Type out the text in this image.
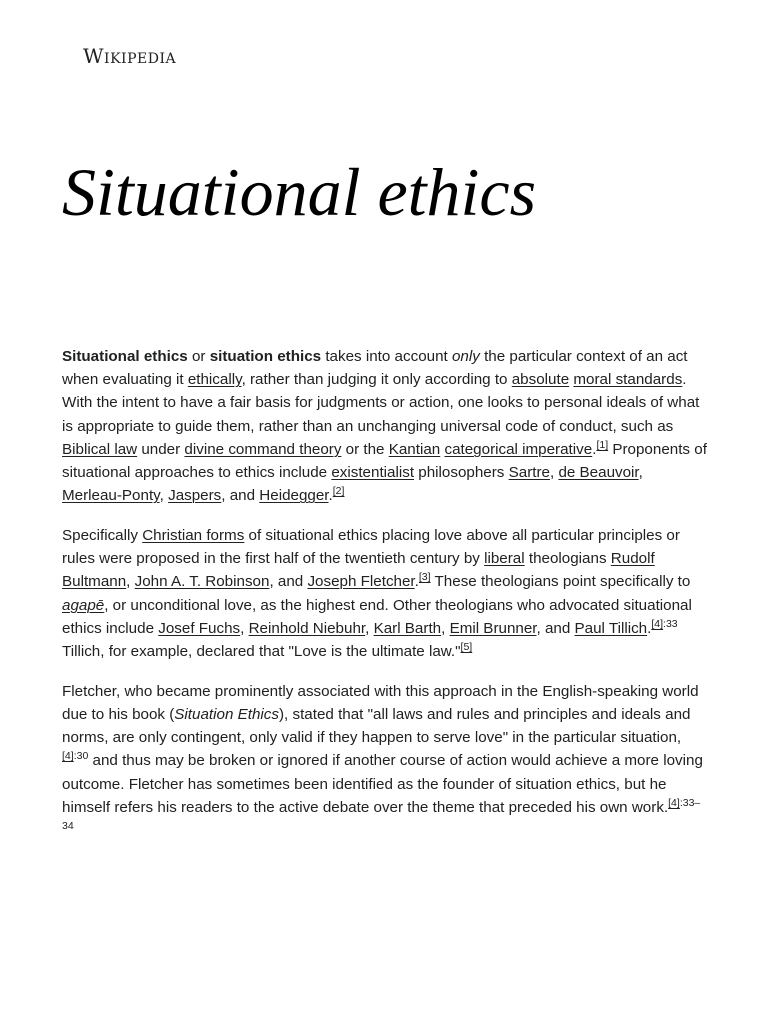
Wikipedia
Situational ethics

Situational ethics or situation ethics takes into account only the particular context of an act when evaluating it ethically, rather than judging it only according to absolute moral standards. With the intent to have a fair basis for judgments or action, one looks to personal ideals of what is appropriate to guide them, rather than an unchanging universal code of conduct, such as Biblical law under divine command theory or the Kantian categorical imperative.[1] Proponents of situational approaches to ethics include existentialist philosophers Sartre, de Beauvoir, Merleau-Ponty, Jaspers, and Heidegger.[2]

Specifically Christian forms of situational ethics placing love above all particular principles or rules were proposed in the first half of the twentieth century by liberal theologians Rudolf Bultmann, John A. T. Robinson, and Joseph Fletcher.[3] These theologians point specifically to agapē, or unconditional love, as the highest end. Other theologians who advocated situational ethics include Josef Fuchs, Reinhold Niebuhr, Karl Barth, Emil Brunner, and Paul Tillich.$^{[4]:33}$ Tillich, for example, declared that "Love is the ultimate law."[5]

Fletcher, who became prominently associated with this approach in the English-speaking world due to his book (Situation Ethics), stated that "all laws and rules and principles and ideals and norms, are only contingent, only valid if they happen to serve love" in the particular situation,$^{[4]:30}$ and thus may be broken or ignored if another course of action would achieve a more loving outcome. Fletcher has sometimes been identified as the founder of situation ethics, but he himself refers his readers to the active debate over the theme that preceded his own work.$^{[4]:33-34}$
